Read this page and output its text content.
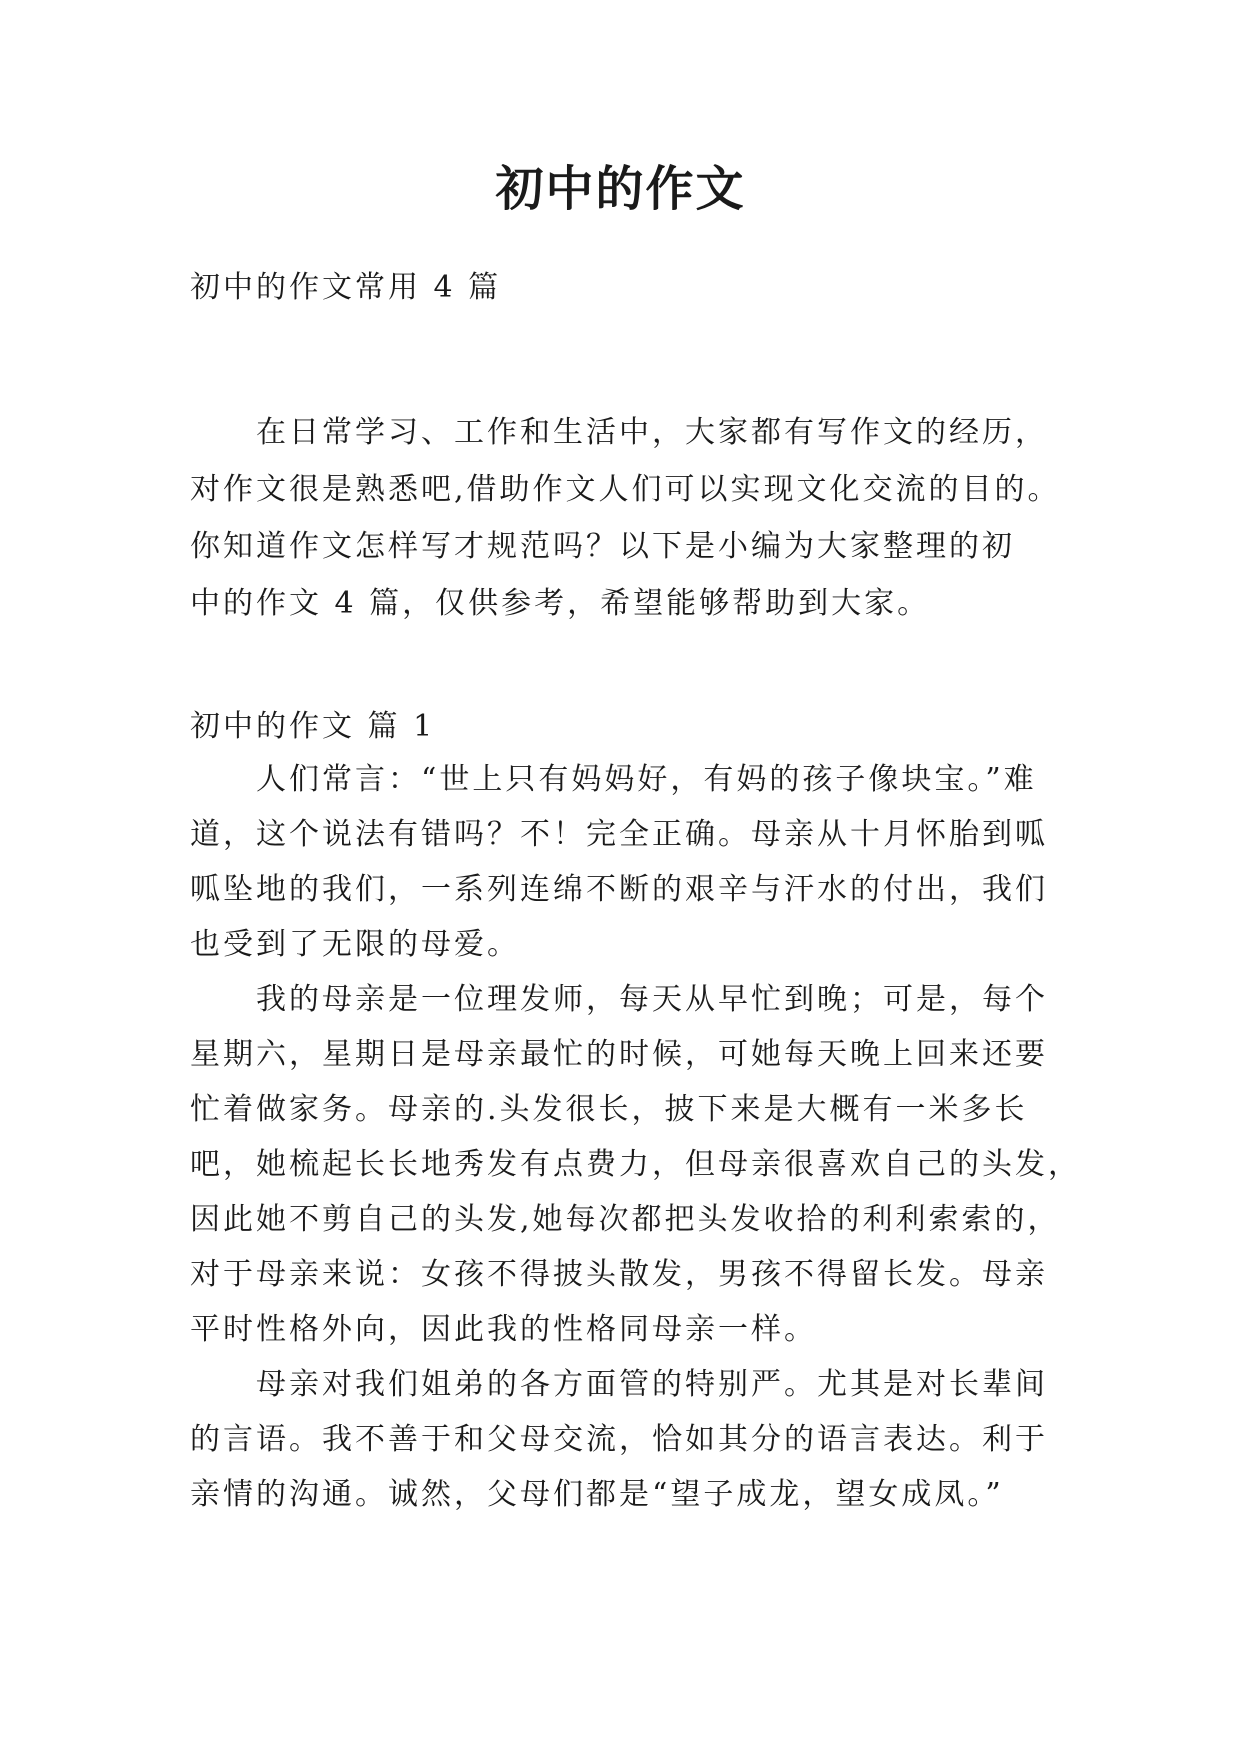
初中的作文

初中的作文常用 4 篇

　　在日常学习、工作和生活中，大家都有写作文的经历，
对作文很是熟悉吧,借助作文人们可以实现文化交流的目的。
你知道作文怎样写才规范吗？以下是小编为大家整理的初
中的作文 4 篇，仅供参考，希望能够帮助到大家。

初中的作文 篇 1

　　人们常言：“世上只有妈妈好，有妈的孩子像块宝。”难
道，这个说法有错吗？不！完全正确。母亲从十月怀胎到呱
呱坠地的我们，一系列连绵不断的艰辛与汗水的付出，我们
也受到了无限的母爱。
　　我的母亲是一位理发师，每天从早忙到晚；可是，每个
星期六，星期日是母亲最忙的时候，可她每天晚上回来还要
忙着做家务。母亲的.头发很长，披下来是大概有一米多长
吧，她梳起长长地秀发有点费力，但母亲很喜欢自己的头发，
因此她不剪自己的头发,她每次都把头发收拾的利利索索的，
对于母亲来说：女孩不得披头散发，男孩不得留长发。母亲
平时性格外向，因此我的性格同母亲一样。
　　母亲对我们姐弟的各方面管的特别严。尤其是对长辈间
的言语。我不善于和父母交流，恰如其分的语言表达。利于
亲情的沟通。诚然，父母们都是“望子成龙，望女成凤。”
